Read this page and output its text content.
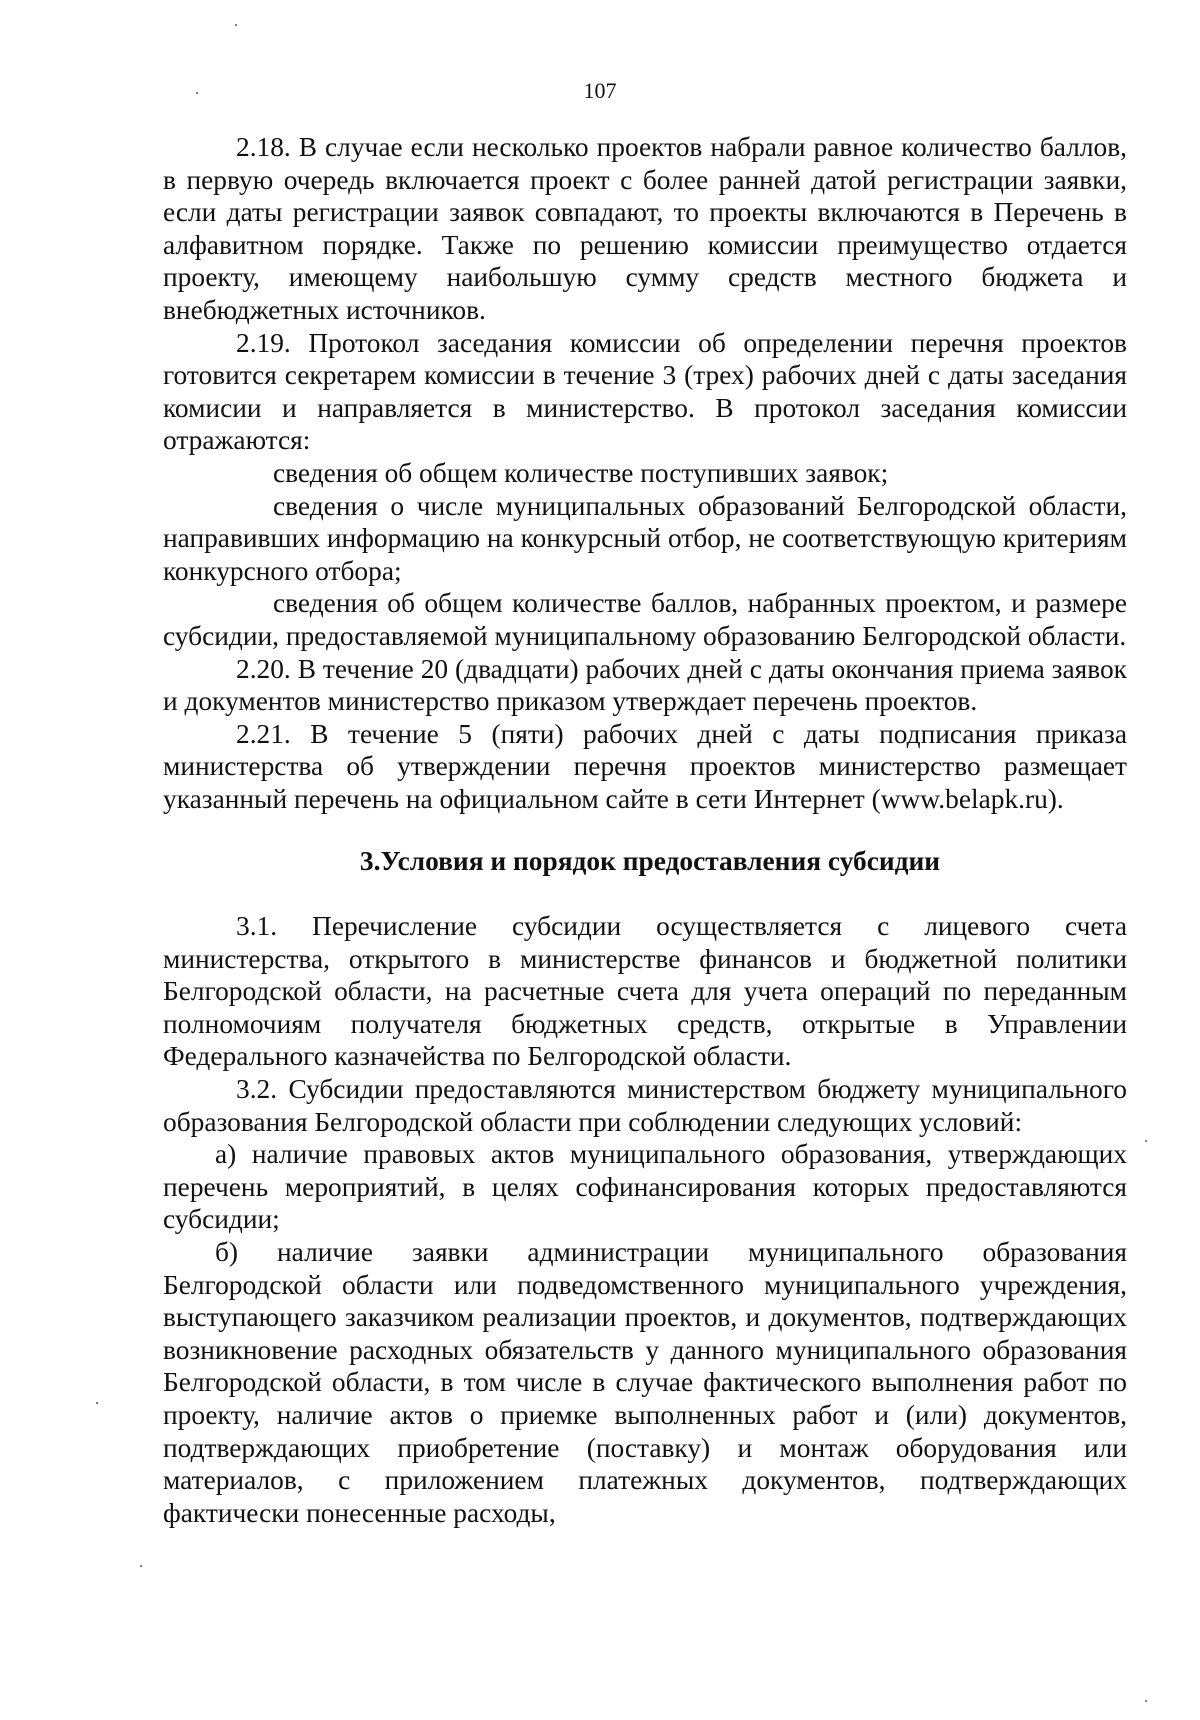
107

2.18. В случае если несколько проектов набрали равное количество баллов, в первую очередь включается проект с более ранней датой регистрации заявки, если даты регистрации заявок совпадают, то проекты включаются в Перечень в алфавитном порядке. Также по решению комиссии преимущество отдается проекту, имеющему наибольшую сумму средств местного бюджета и внебюджетных источников.

2.19. Протокол заседания комиссии об определении перечня проектов готовится секретарем комиссии в течение 3 (трех) рабочих дней с даты заседания комисии и направляется в министерство. В протокол заседания комиссии отражаются:

сведения об общем количестве поступивших заявок;

сведения о числе муниципальных образований Белгородской области, направивших информацию на конкурсный отбор, не соответствующую критериям конкурсного отбора;

сведения об общем количестве баллов, набранных проектом, и размере субсидии, предоставляемой муниципальному образованию Белгородской области.

2.20. В течение 20 (двадцати) рабочих дней с даты окончания приема заявок и документов министерство приказом утверждает перечень проектов.

2.21. В течение 5 (пяти) рабочих дней с даты подписания приказа министерства об утверждении перечня проектов министерство размещает указанный перечень на официальном сайте в сети Интернет (www.belapk.ru).

3.Условия и порядок предоставления субсидии

3.1. Перечисление субсидии осуществляется с лицевого счета министерства, открытого в министерстве финансов и бюджетной политики Белгородской области, на расчетные счета для учета операций по переданным полномочиям получателя бюджетных средств, открытые в Управлении Федерального казначейства по Белгородской области.

3.2. Субсидии предоставляются министерством бюджету муниципального образования Белгородской области при соблюдении следующих условий:

а) наличие правовых актов муниципального образования, утверждающих перечень мероприятий, в целях софинансирования которых предоставляются субсидии;

б) наличие заявки администрации муниципального образования Белгородской области или подведомственного муниципального учреждения, выступающего заказчиком реализации проектов, и документов, подтверждающих возникновение расходных обязательств у данного муниципального образования Белгородской области, в том числе в случае фактического выполнения работ по проекту, наличие актов о приемке выполненных работ и (или) документов, подтверждающих приобретение (поставку) и монтаж оборудования или материалов, с приложением платежных документов, подтверждающих фактически понесенные расходы,
